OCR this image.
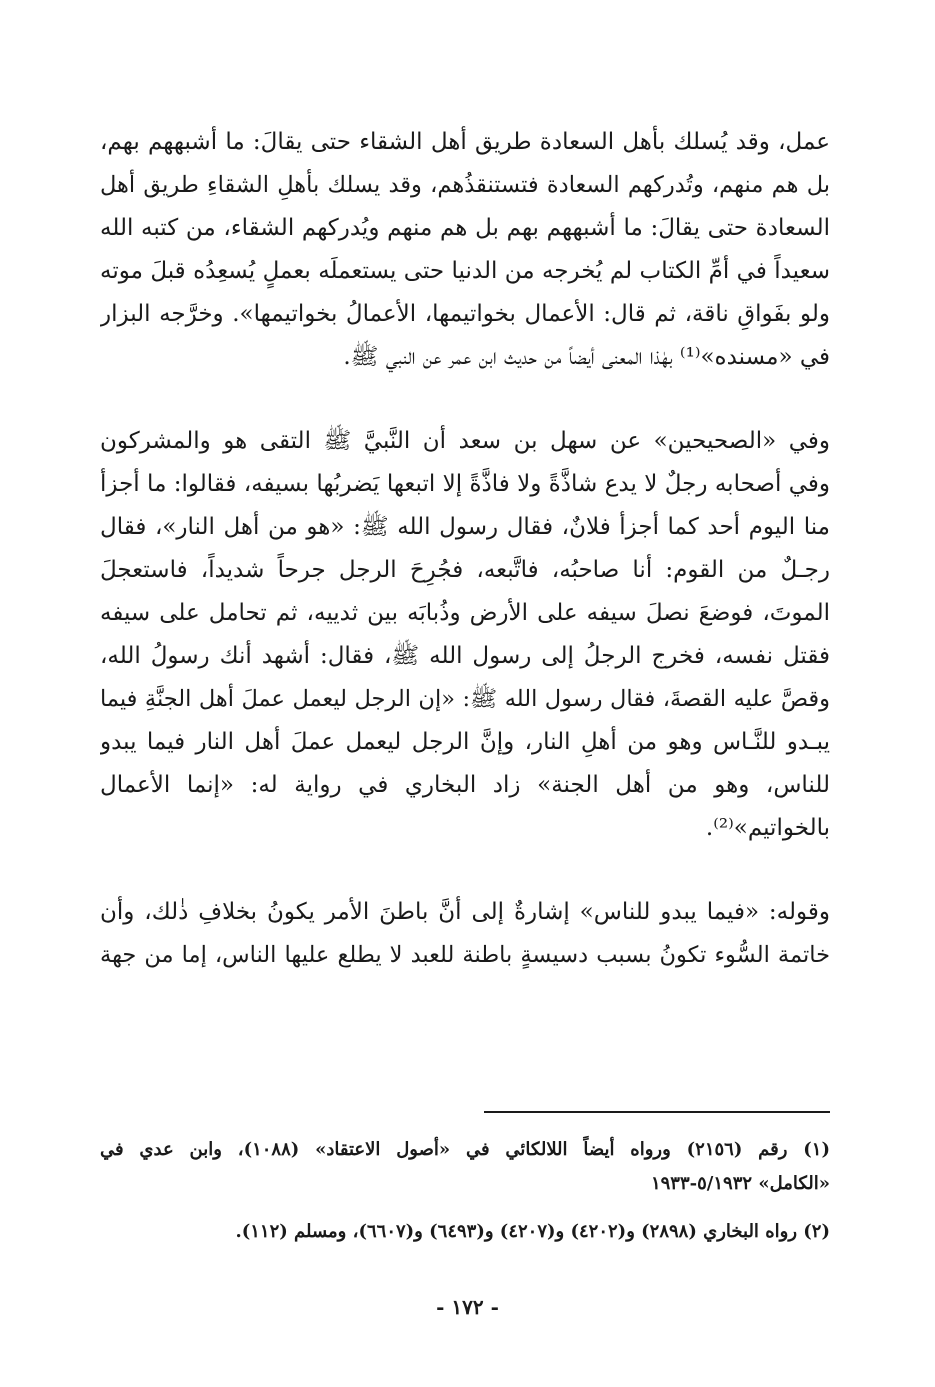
عمل، وقد يُسلك بأهل السعادة طريق أهل الشقاء حتى يقالَ: ما أشبههم بهم،
بل هم منهم، وتُدركهم السعادة فتستنقذُهم، وقد يسلك بأهلِ الشقاءِ طريق أهل
السعادة حتى يقالَ: ما أشبههم بهم بل هم منهم ويُدركهم الشقاء، من كتبه الله
سعيداً في أمِّ الكتاب لم يُخرجه من الدنيا حتى يستعملَه بعملٍ يُسعِدُه قبلَ موته
ولو بفَواقِ ناقة، ثم قال: الأعمال بخواتيمها، الأعمالُ بخواتيمها». وخرَّجه البزار
في «مسنده»⁽¹⁾ بهٰذا المعنى أيضاً من حديث ابن عمر عن النبي ﷺ.
وفي «الصحيحين» عن سهل بن سعد أن النَّبيَّ ﷺ التقى هو والمشركون
وفي أصحابه رجلٌ لا يدع شاذَّةً ولا فاذَّةً إلا اتبعها يَضربُها بسيفه، فقالوا: ما أجزأ
منا اليوم أحد كما أجزأ فلانٌ، فقال رسول الله ﷺ: «هو من أهل النار»، فقال
رجـلٌ من القوم: أنا صاحبُه، فاتَّبعه، فجُرِحَ الرجل جرحاً شديداً، فاستعجلَ
الموتَ، فوضعَ نصلَ سيفه على الأرض وذُبابَه بين ثدييه، ثم تحامل على سيفه
فقتل نفسه، فخرج الرجلُ إلى رسول الله ﷺ، فقال: أشهد أنك رسولُ الله،
وقصَّ عليه القصةَ، فقال رسول الله ﷺ: «إن الرجل ليعمل عملَ أهل الجنَّةِ فيما
يبـدو للنَّـاس وهو من أهلِ النار، وإنَّ الرجل ليعمل عملَ أهل النار فيما يبدو
للناس، وهو من أهل الجنة» زاد البخاري في رواية له: «إنما الأعمال
بالخواتيم»⁽²⁾.
وقوله: «فيما يبدو للناس» إشارةٌ إلى أنَّ باطنَ الأمر يكونُ بخلافِ ذٰلك، وأن
خاتمة السُّوء تكونُ بسبب دسيسةٍ باطنة للعبد لا يطلع عليها الناس، إما من جهة
(١) رقم (٢١٥٦) ورواه أيضاً اللالكائي في «أصول الاعتقاد» (١٠٨٨)، وابن عدي في
«الكامل» ٥/١٩٣٢-١٩٣٣
(٢) رواه البخاري (٢٨٩٨) و(٤٢٠٢) و(٤٢٠٧) و(٦٤٩٣) و(٦٦٠٧)، ومسلم (١١٢).
- ١٧٢ -
